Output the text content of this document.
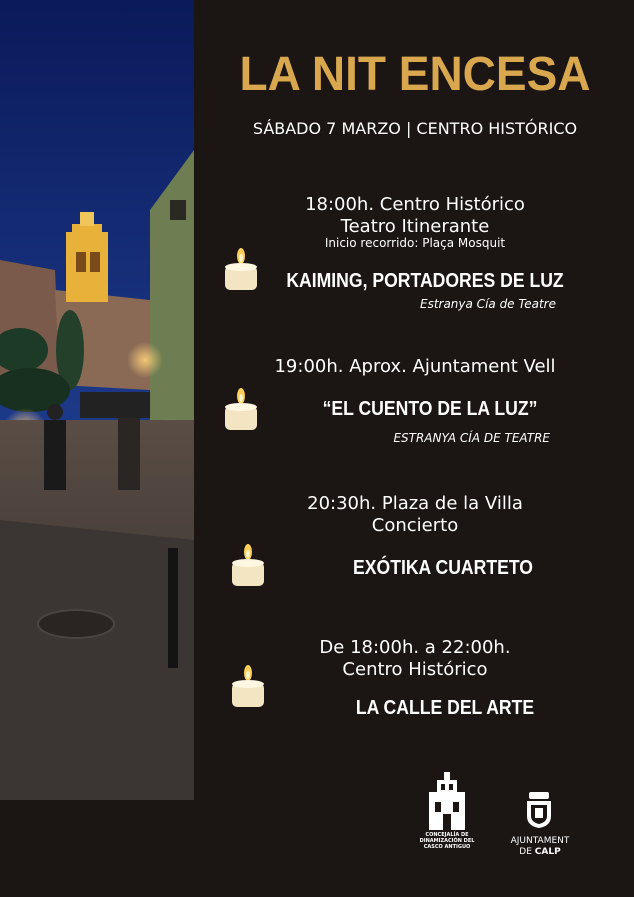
LA NIT ENCESA
SÁBADO 7 MARZO | CENTRO HISTÓRICO
18:00h. Centro Histórico
Teatro Itinerante
Inicio recorrido: Plaça Mosquit
KAIMING, PORTADORES DE LUZ
Estranya Cía de Teatre
19:00h. Aprox. Ajuntament Vell
“EL CUENTO DE LA LUZ”
ESTRANYA CÍA DE TEATRE
20:30h. Plaza de la Villa
Concierto
EXÓTIKA CUARTETO
De 18:00h. a 22:00h.
Centro Histórico
LA CALLE DEL ARTE
CONCEJALÍA DE
DINAMIZACIÓN DEL
CASCO ANTIGUO
AJUNTAMENT
DE CALP
